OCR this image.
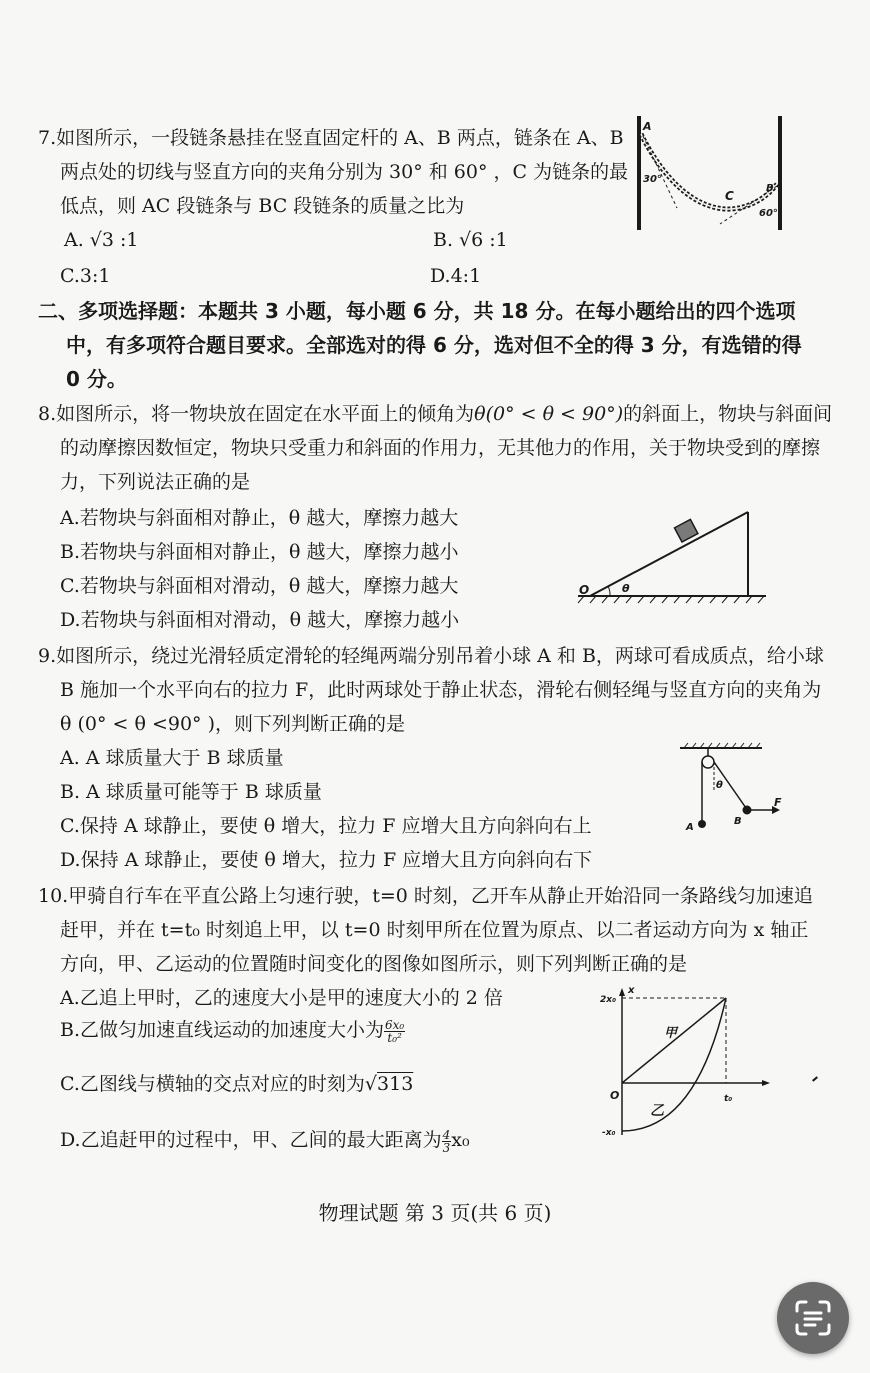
7.如图所示，一段链条悬挂在竖直固定杆的 A、B 两点，链条在 A、B
两点处的切线与竖直方向的夹角分别为 30° 和 60° ，C 为链条的最
低点，则 AC 段链条与 BC 段链条的质量之比为
A. √3 :1	B. √6 :1
C.3:1	D.4:1
A
30°
C
B
60°
二、多项选择题：本题共 3 小题，每小题 6 分，共 18 分。在每小题给出的四个选项
中，有多项符合题目要求。全部选对的得 6 分，选对但不全的得 3 分，有选错的得
0 分。
8.如图所示，将一物块放在固定在水平面上的倾角为θ(0° < θ < 90°)的斜面上，物块与斜面间
的动摩擦因数恒定，物块只受重力和斜面的作用力，无其他力的作用，关于物块受到的摩擦
力，下列说法正确的是
A.若物块与斜面相对静止，θ 越大，摩擦力越大
B.若物块与斜面相对静止，θ 越大，摩擦力越小
C.若物块与斜面相对滑动，θ 越大，摩擦力越大
D.若物块与斜面相对滑动，θ 越大，摩擦力越小
O	θ
9.如图所示，绕过光滑轻质定滑轮的轻绳两端分别吊着小球 A 和 B，两球可看成质点，给小球
B 施加一个水平向右的拉力 F，此时两球处于静止状态，滑轮右侧轻绳与竖直方向的夹角为
θ (0° < θ <90° )，则下列判断正确的是
A. A 球质量大于 B 球质量
B. A 球质量可能等于 B 球质量
C.保持 A 球静止，要使 θ 增大，拉力 F 应增大且方向斜向右上
D.保持 A 球静止，要使 θ 增大，拉力 F 应增大且方向斜向右下
θ
A
B
F
10.甲骑自行车在平直公路上匀速行驶，t=0 时刻，乙开车从静止开始沿同一条路线匀加速追
赶甲，并在 t=t₀ 时刻追上甲，以 t=0 时刻甲所在位置为原点、以二者运动方向为 x 轴正
方向，甲、乙运动的位置随时间变化的图像如图所示，则下列判断正确的是
A.乙追上甲时，乙的速度大小是甲的速度大小的 2 倍
B.乙做匀加速直线运动的加速度大小为 $\frac{\text{6x₀}}{\text{t₀²}}$
C.乙图线与横轴的交点对应的时刻为√313
D.乙追赶甲的过程中，甲、乙间的最大距离为 $\frac{4}{3} x_0$
x
2x₀
-x₀
O	t₀
甲
乙
物理试题 第 3 页(共 6 页)
